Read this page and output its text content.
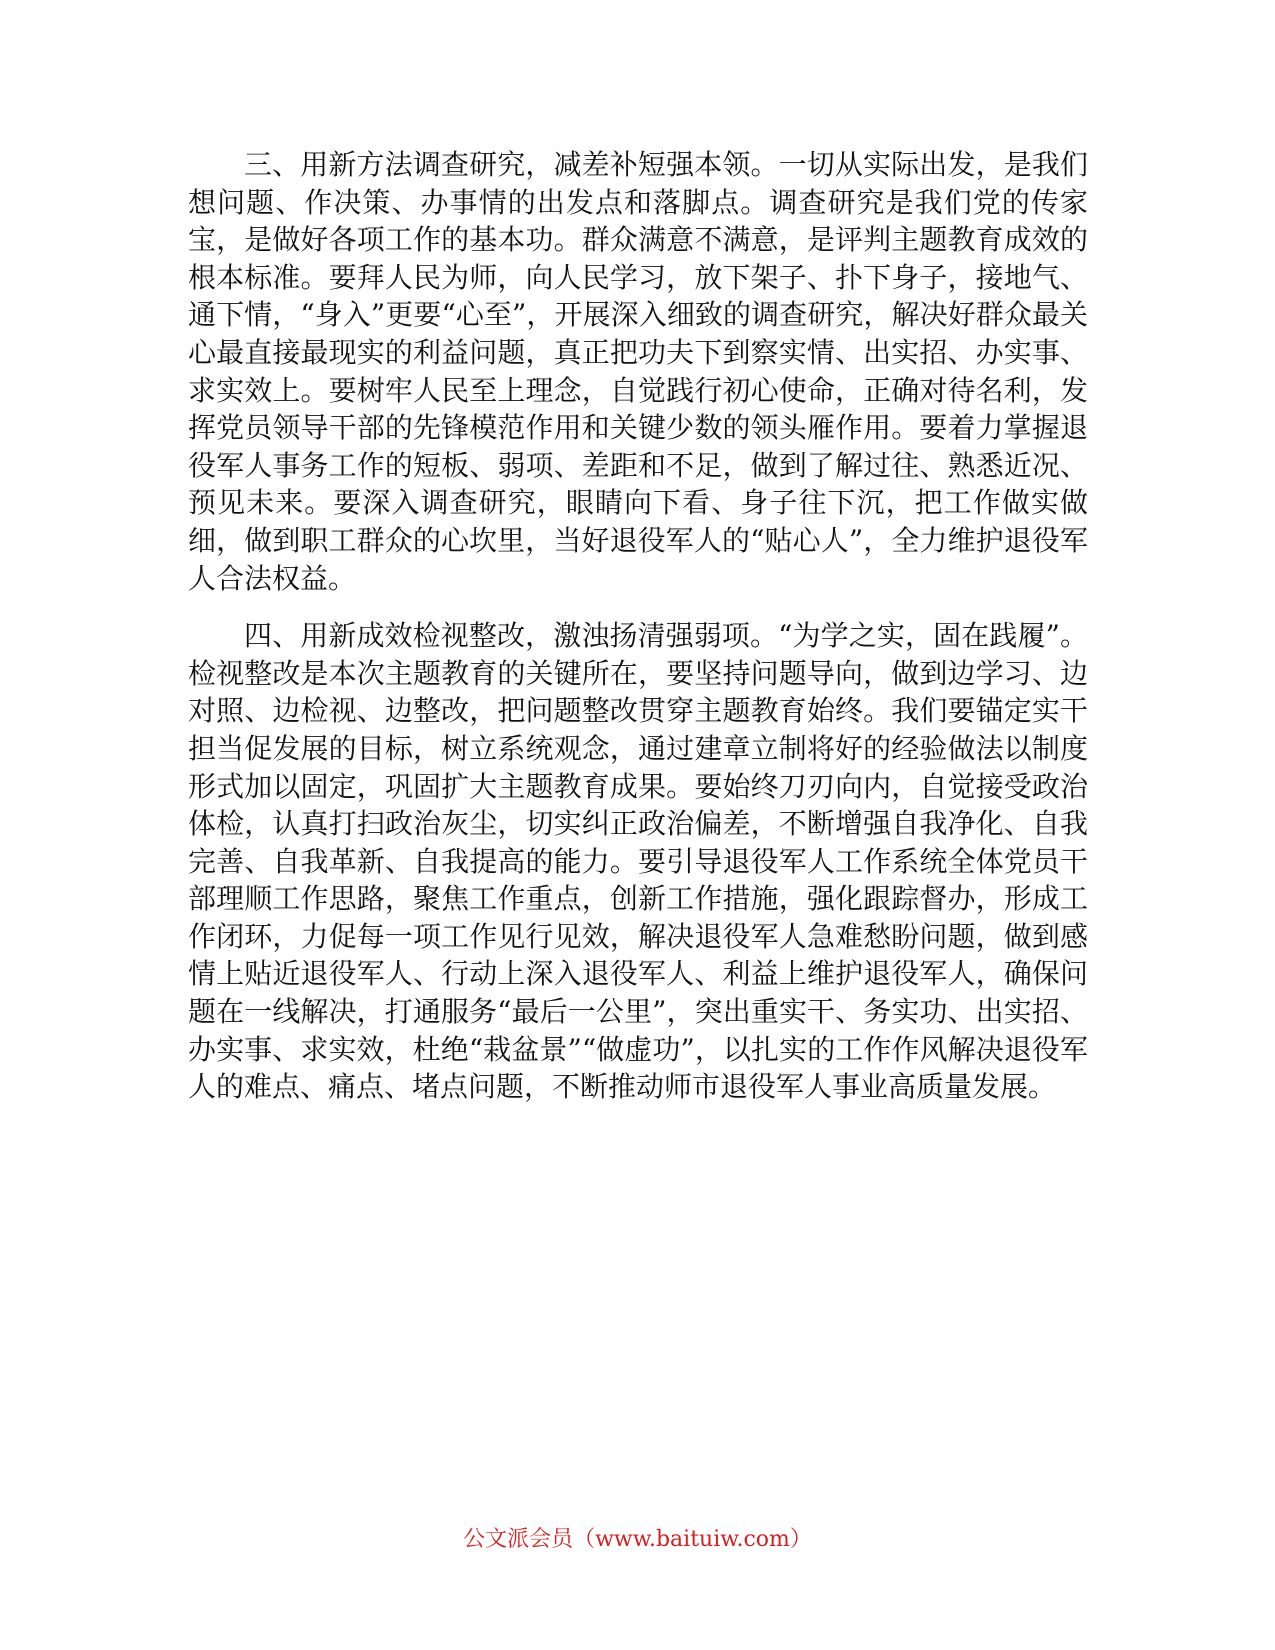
三、用新方法调查研究，减差补短强本领。一切从实际出发，是我们想问题、作决策、办事情的出发点和落脚点。调查研究是我们党的传家宝，是做好各项工作的基本功。群众满意不满意，是评判主题教育成效的根本标准。要拜人民为师，向人民学习，放下架子、扑下身子，接地气、通下情，“身入”更要“心至”，开展深入细致的调查研究，解决好群众最关心最直接最现实的利益问题，真正把功夫下到察实情、出实招、办实事、求实效上。要树牢人民至上理念，自觉践行初心使命，正确对待名利，发挥党员领导干部的先锋模范作用和关键少数的领头雁作用。要着力掌握退役军人事务工作的短板、弱项、差距和不足，做到了解过往、熟悉近况、预见未来。要深入调查研究，眼睛向下看、身子往下沉，把工作做实做细，做到职工群众的心坎里，当好退役军人的“贴心人”，全力维护退役军人合法权益。

四、用新成效检视整改，激浊扬清强弱项。“为学之实，固在践履”。检视整改是本次主题教育的关键所在，要坚持问题导向，做到边学习、边对照、边检视、边整改，把问题整改贯穿主题教育始终。我们要锚定实干担当促发展的目标，树立系统观念，通过建章立制将好的经验做法以制度形式加以固定，巩固扩大主题教育成果。要始终刀刃向内，自觉接受政治体检，认真打扫政治灰尘，切实纠正政治偏差，不断增强自我净化、自我完善、自我革新、自我提高的能力。要引导退役军人工作系统全体党员干部理顺工作思路，聚焦工作重点，创新工作措施，强化跟踪督办，形成工作闭环，力促每一项工作见行见效，解决退役军人急难愁盼问题，做到感情上贴近退役军人、行动上深入退役军人、利益上维护退役军人，确保问题在一线解决，打通服务“最后一公里”，突出重实干、务实功、出实招、办实事、求实效，杜绝“栽盆景”“做虚功”，以扎实的工作作风解决退役军人的难点、痛点、堵点问题，不断推动师市退役军人事业高质量发展。

公文派会员（www.baituiw.com）
